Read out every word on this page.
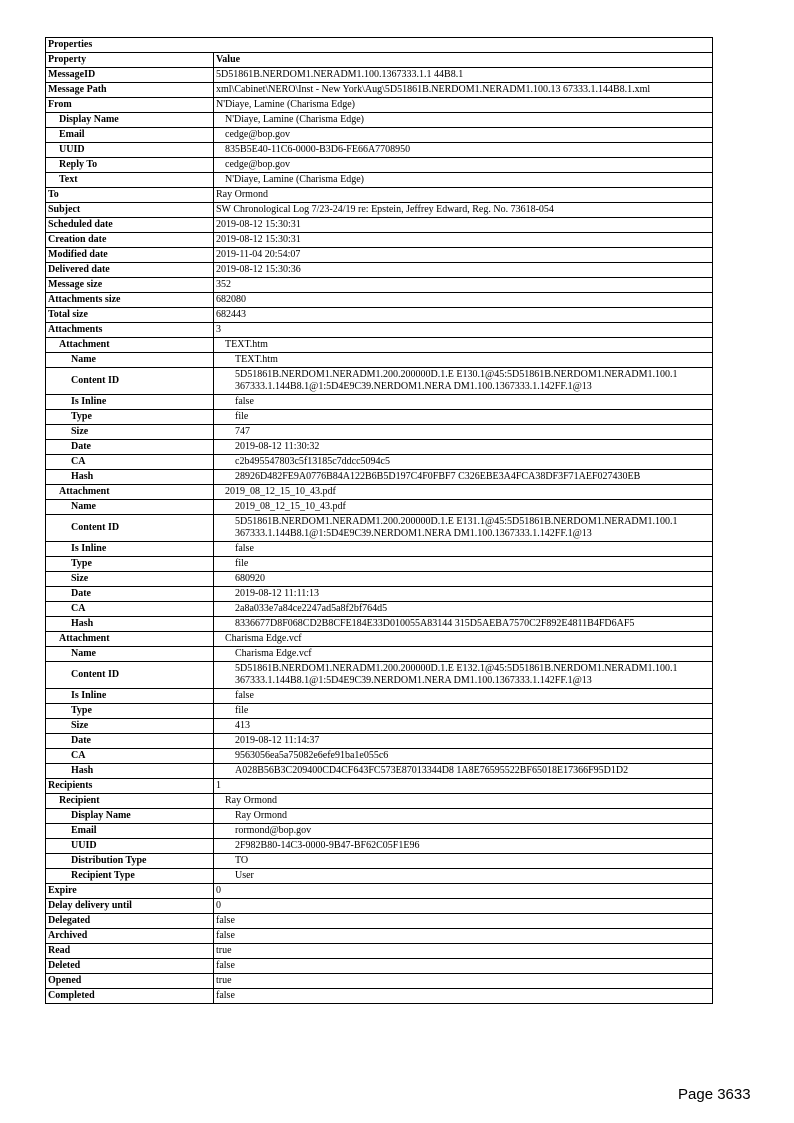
Properties	
Property	Value
MessageID	5D51861B.NERDOM1.NERADM1.100.1367333.1.1 44B8.1
Message Path	xml\Cabinet\NERO\Inst - New York\Aug\5D51861B.NERDOM1.NERADM1.100.13 67333.1.144B8.1.xml
From	N'Diaye, Lamine (Charisma Edge)
Display Name	N'Diaye, Lamine (Charisma Edge)
Email	cedge@bop.gov
UUID	835B5E40-11C6-0000-B3D6-FE66A7708950
Reply To	cedge@bop.gov
Text	N'Diaye, Lamine (Charisma Edge)
To	Ray Ormond
Subject	SW Chronological Log 7/23-24/19 re: Epstein, Jeffrey Edward, Reg. No. 73618-054
Scheduled date	2019-08-12 15:30:31
Creation date	2019-08-12 15:30:31
Modified date	2019-11-04 20:54:07
Delivered date	2019-08-12 15:30:36
Message size	352
Attachments size	682080
Total size	682443
Attachments	3
Attachment	TEXT.htm
Name	TEXT.htm
Content ID	5D51861B.NERDOM1.NERADM1.200.200000D.1.E E130.1@45:5D51861B.NERDOM1.NERADM1.100.1 367333.1.144B8.1@1:5D4E9C39.NERDOM1.NERA DM1.100.1367333.1.142FF.1@13
Is Inline	false
Type	file
Size	747
Date	2019-08-12 11:30:32
CA	c2b495547803c5f13185c7ddcc5094c5
Hash	28926D482FE9A0776B84A122B6B5D197C4F0FBF7 C326EBE3A4FCA38DF3F71AEF027430EB
Attachment	2019_08_12_15_10_43.pdf
Name	2019_08_12_15_10_43.pdf
Content ID	5D51861B.NERDOM1.NERADM1.200.200000D.1.E E131.1@45:5D51861B.NERDOM1.NERADM1.100.1 367333.1.144B8.1@1:5D4E9C39.NERDOM1.NERA DM1.100.1367333.1.142FF.1@13
Is Inline	false
Type	file
Size	680920
Date	2019-08-12 11:11:13
CA	2a8a033e7a84ce2247ad5a8f2bf764d5
Hash	8336677D8F068CD2B8CFE184E33D010055A83144 315D5AEBA7570C2F892E4811B4FD6AF5
Attachment	Charisma Edge.vcf
Name	Charisma Edge.vcf
Content ID	5D51861B.NERDOM1.NERADM1.200.200000D.1.E E132.1@45:5D51861B.NERDOM1.NERADM1.100.1 367333.1.144B8.1@1:5D4E9C39.NERDOM1.NERA DM1.100.1367333.1.142FF.1@13
Is Inline	false
Type	file
Size	413
Date	2019-08-12 11:14:37
CA	9563056ea5a75082e6efe91ba1e055c6
Hash	A028B56B3C209400CD4CF643FC573E87013344D8 1A8E76595522BF65018E17366F95D1D2
Recipients	1
Recipient	Ray Ormond
Display Name	Ray Ormond
Email	rormond@bop.gov
UUID	2F982B80-14C3-0000-9B47-BF62C05F1E96
Distribution Type	TO
Recipient Type	User
Expire	0
Delay delivery until	0
Delegated	false
Archived	false
Read	true
Deleted	false
Opened	true
Completed	false
Page 3633
